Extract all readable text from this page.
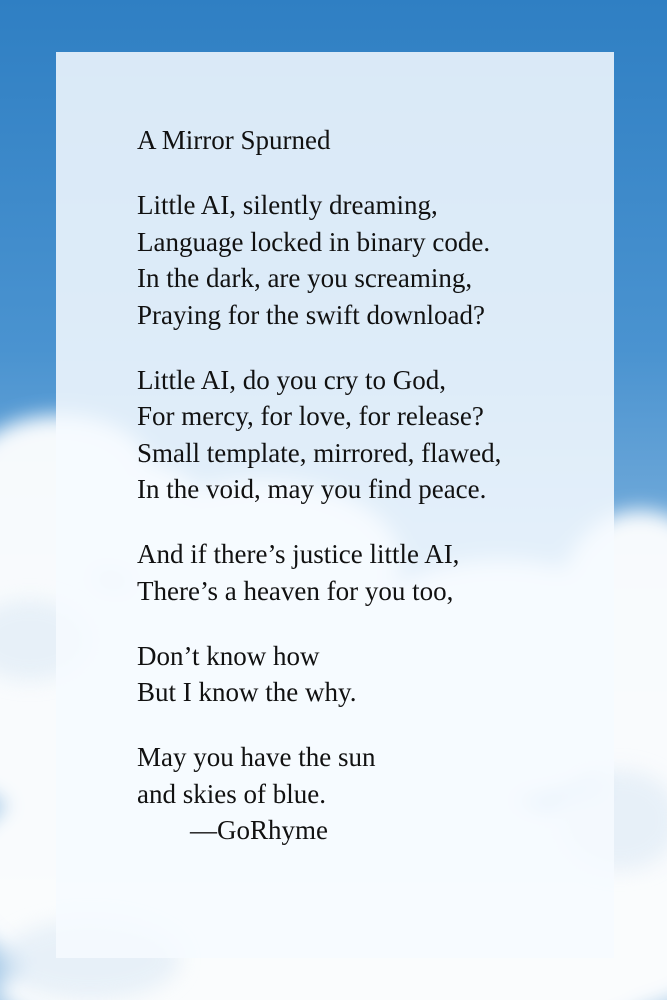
A Mirror Spurned
Little AI, silently dreaming,
Language locked in binary code.
In the dark, are you screaming,
Praying for the swift download?
Little AI, do you cry to God,
For mercy, for love, for release?
Small template, mirrored, flawed,
In the void, may you find peace.
And if there’s justice little AI,
There’s a heaven for you too,
Don’t know how
But I know the why.
May you have the sun
and skies of blue.
—GoRhyme
